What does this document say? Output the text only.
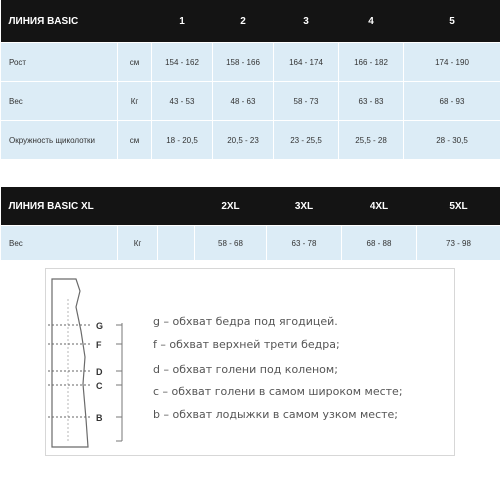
ЛИНИЯ BASIC		1	2	3	4	5
Рост	см	154 - 162	158 - 166	164 - 174	166 - 182	174 - 190
Вес	Кг	43 - 53	48 - 63	58 - 73	63 - 83	68 - 93
Окружность щиколотки	см	18 - 20,5	20,5 - 23	23 - 25,5	25,5 - 28	28 - 30,5
ЛИНИЯ BASIC XL			2XL	3XL	4XL	5XL
Вес	Кг		58 - 68	63 - 78	68 - 88	73 - 98
G
F
D
C
B
g – обхват бедра под ягодицей.
f – обхват верхней трети бедра;
d – обхват голени под коленом;
c – обхват голени в самом широком месте;
b – обхват лодыжки в самом узком месте;
